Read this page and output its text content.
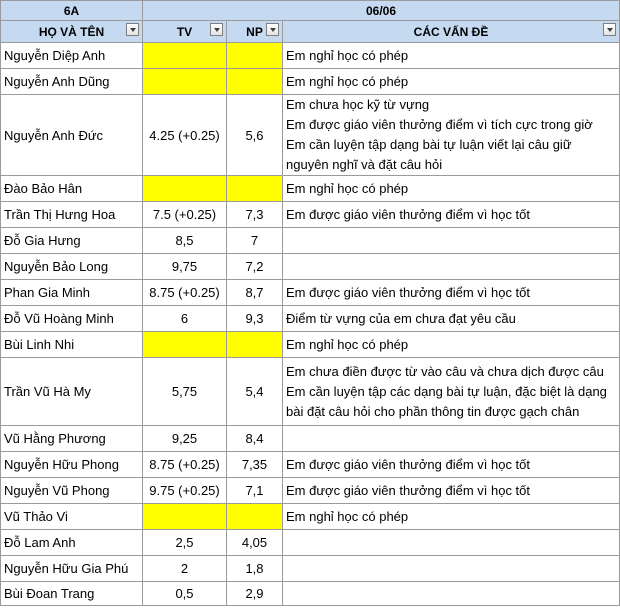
6A	06/06		

HỌ VÀ TÊN	TV	NP	CÁC VẤN ĐỀ

Nguyễn Diệp Anh			Em nghỉ học có phép

Nguyễn Anh Dũng			Em nghỉ học có phép

Nguyễn Anh Đức	4.25 (+0.25)	5,6	Em chưa học kỹ từ vựng
Em được giáo viên thưởng điểm vì tích cực trong giờ
Em cần luyện tập dạng bài tự luận viết lại câu giữ
nguyên nghĩ và đặt câu hỏi

Đào Bảo Hân			Em nghỉ học có phép

Trần Thị Hưng Hoa	7.5 (+0.25)	7,3	Em được giáo viên thưởng điểm vì học tốt

Đỗ Gia Hưng	8,5	7	
Nguyễn Bảo Long	9,75	7,2	
Phan Gia Minh	8.75 (+0.25)	8,7	Em được giáo viên thưởng điểm vì học tốt

Đỗ Vũ Hoàng Minh	6	9,3	Điểm từ vựng của em chưa đạt yêu cầu

Bùi Linh Nhi			Em nghỉ học có phép

Trần Vũ Hà My	5,75	5,4	Em chưa điền được từ vào câu và chưa dịch được câu
Em cần luyện tập các dạng bài tự luận, đặc biệt là dạng
bài đặt câu hỏi cho phần thông tin được gạch chân

Vũ Hằng Phương	9,25	8,4	
Nguyễn Hữu Phong	8.75 (+0.25)	7,35	Em được giáo viên thưởng điểm vì học tốt

Nguyễn Vũ Phong	9.75 (+0.25)	7,1	Em được giáo viên thưởng điểm vì học tốt

Vũ Thảo Vi			Em nghỉ học có phép

Đỗ Lam Anh	2,5	4,05	
Nguyễn Hữu Gia Phú	2	1,8	
Bùi Đoan Trang	0,5	2,9	
